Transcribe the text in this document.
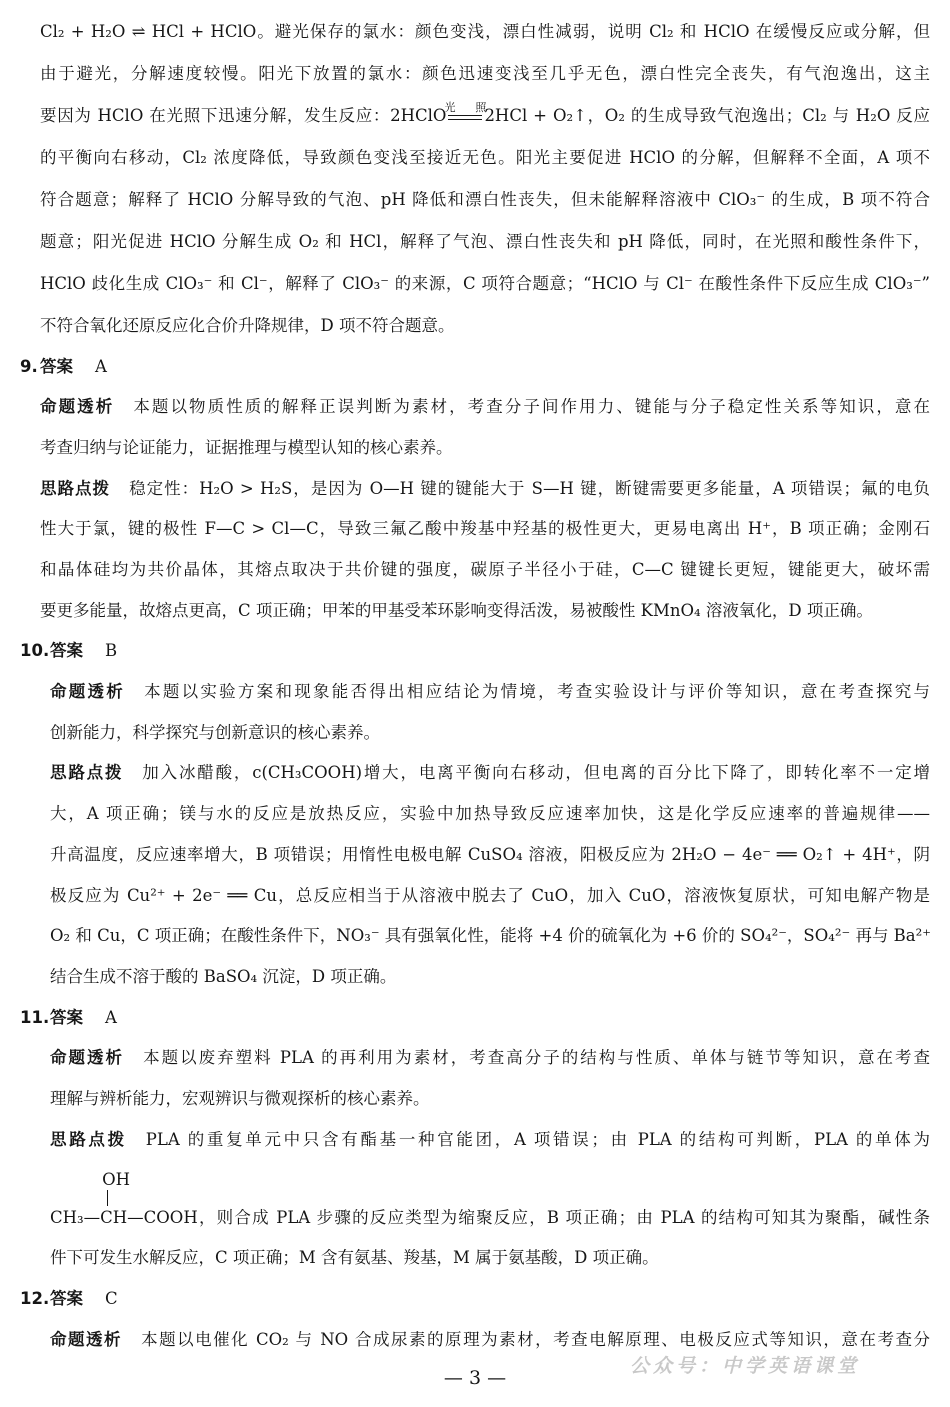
Cl₂ + H₂O ⇌ HCl + HClO。避光保存的氯水：颜色变浅，漂白性减弱，说明 Cl₂ 和 HClO 在缓慢反应或分解，但
由于避光，分解速度较慢。阳光下放置的氯水：颜色迅速变浅至几乎无色，漂白性完全丧失，有气泡逸出，这主
要因为 HClO 在光照下迅速分解，发生反应：2HClO
光照
2HCl + O₂↑，O₂ 的生成导致气泡逸出；Cl₂ 与 H₂O 反应
的平衡向右移动，Cl₂ 浓度降低，导致颜色变浅至接近无色。阳光主要促进 HClO 的分解，但解释不全面，A 项不
符合题意；解释了 HClO 分解导致的气泡、pH 降低和漂白性丧失，但未能解释溶液中 ClO₃⁻ 的生成，B 项不符合
题意；阳光促进 HClO 分解生成 O₂ 和 HCl，解释了气泡、漂白性丧失和 pH 降低，同时，在光照和酸性条件下，
HClO 歧化生成 ClO₃⁻ 和 Cl⁻，解释了 ClO₃⁻ 的来源，C 项符合题意；“HClO 与 Cl⁻ 在酸性条件下反应生成 ClO₃⁻”
不符合氧化还原反应化合价升降规律，D 项不符合题意。
9. 答案 A
命题透析 本题以物质性质的解释正误判断为素材，考查分子间作用力、键能与分子稳定性关系等知识，意在
考查归纳与论证能力，证据推理与模型认知的核心素养。
思路点拨 稳定性：H₂O > H₂S，是因为 O—H 键的键能大于 S—H 键，断键需要更多能量，A 项错误；氟的电负
性大于氯，键的极性 F—C > Cl—C，导致三氟乙酸中羧基中羟基的极性更大，更易电离出 H⁺，B 项正确；金刚石
和晶体硅均为共价晶体，其熔点取决于共价键的强度，碳原子半径小于硅，C—C 键键长更短，键能更大，破坏需
要更多能量，故熔点更高，C 项正确；甲苯的甲基受苯环影响变得活泼，易被酸性 KMnO₄ 溶液氧化，D 项正确。
10.答案 B
命题透析 本题以实验方案和现象能否得出相应结论为情境，考查实验设计与评价等知识，意在考查探究与
创新能力，科学探究与创新意识的核心素养。
思路点拨 加入冰醋酸，c(CH₃COOH)增大，电离平衡向右移动，但电离的百分比下降了，即转化率不一定增
大，A 项正确；镁与水的反应是放热反应，实验中加热导致反应速率加快，这是化学反应速率的普遍规律——
升高温度，反应速率增大，B 项错误；用惰性电极电解 CuSO₄ 溶液，阳极反应为 2H₂O − 4e⁻ ══ O₂↑ + 4H⁺，阴
极反应为 Cu²⁺ + 2e⁻ ══ Cu，总反应相当于从溶液中脱去了 CuO，加入 CuO，溶液恢复原状，可知电解产物是
O₂ 和 Cu，C 项正确；在酸性条件下，NO₃⁻ 具有强氧化性，能将 +4 价的硫氧化为 +6 价的 SO₄²⁻，SO₄²⁻ 再与 Ba²⁺
结合生成不溶于酸的 BaSO₄ 沉淀，D 项正确。
11.答案 A
命题透析 本题以废弃塑料 PLA 的再利用为素材，考查高分子的结构与性质、单体与链节等知识，意在考查
理解与辨析能力，宏观辨识与微观探析的核心素养。
思路点拨 PLA 的重复单元中只含有酯基一种官能团，A 项错误；由 PLA 的结构可判断，PLA 的单体为
CH₃—
OH
CH—COOH，则合成 PLA 步骤的反应类型为缩聚反应，B 项正确；由 PLA 的结构可知其为聚酯，碱性条
件下可发生水解反应，C 项正确；M 含有氨基、羧基，M 属于氨基酸，D 项正确。
12.答案 C
命题透析 本题以电催化 CO₂ 与 NO 合成尿素的原理为素材，考查电解原理、电极反应式等知识，意在考查分
公众号：中学英语课堂
— 3 —
